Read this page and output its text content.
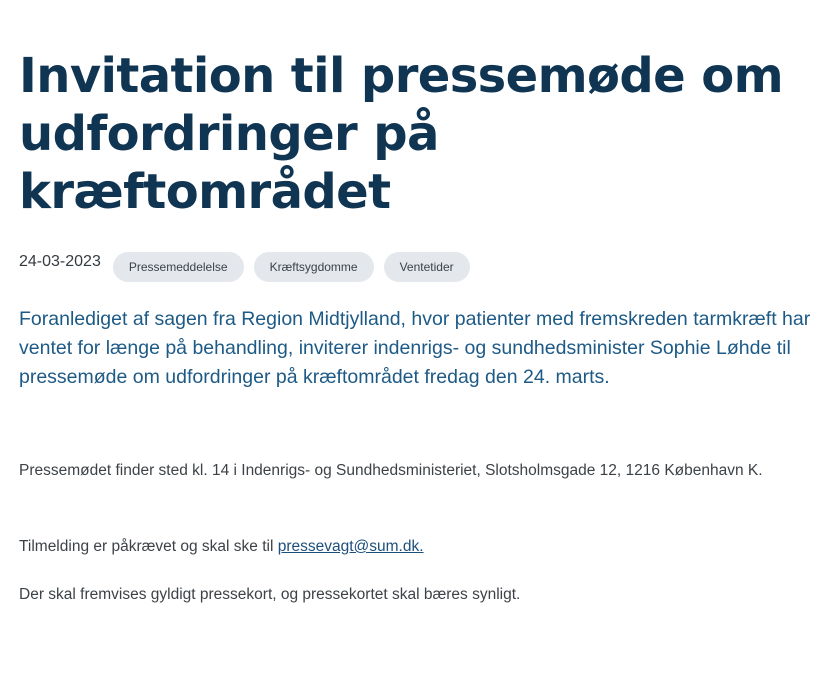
Invitation til pressemøde om udfordringer på kræftområdet
24-03-2023	Pressemeddelelse	Kræftsygdomme	Ventetider

Foranlediget af sagen fra Region Midtjylland, hvor patienter med fremskreden tarmkræft har ventet for længe på behandling, inviterer indenrigs- og sundhedsminister Sophie Løhde til pressemøde om udfordringer på kræftområdet fredag den 24. marts.

Pressemødet finder sted kl. 14 i Indenrigs- og Sundhedsministeriet, Slotsholmsgade 12, 1216 København K.

Tilmelding er påkrævet og skal ske til pressevagt@sum.dk.

Der skal fremvises gyldigt pressekort, og pressekortet skal bæres synligt.
